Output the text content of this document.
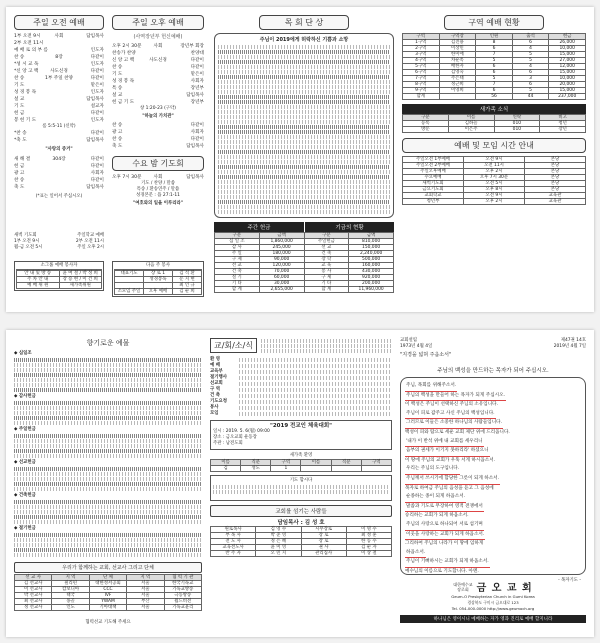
주일 오전 예배
1부 오전 9시	사회	담임목사
2부 오전 11시
예 배 로 의 부 름	인도자
찬 송	8장	다같이
*성 시 교 독	인도자
*신 앙 고 백	사도신경	다같이
찬 송	1부 주일 찬양	다같이
기 도	맡은이
성 경 봉 독	인도자
설 교	담임목사
기 도	설교자
헌 금	다같이
봉 헌 기 도	인도자
롬 5:5-11 (신약)
*찬 송	다같이
*축 도	담임목사
"사랑의 증거"
새 해 결	304장	다같이
헌 금	다같이
광 고	사회자
찬 송	다같이
축 도	담임목사
(*표는 일어서 주십시오)
새벽 기도회	주일학교 예배
1부 오전 9시	2부 오전 11시
월-금 오전 5시	주일 오후 2시
소그룹 예배 봉사자
안 내 및 방 송	윤 여 철 / 박 성 희
주 차 안 내	장 승 현 / 이 건 희
예 배 위 원	새가족위원
주일 오후 예배
(사역장년부 헌신예배)
오후 2시 30분	사회	장년부 회장
찬송가 찬양	찬양대
신 앙 고 백	사도신경	다같이
찬 송	다같이
기 도	맡은이
성 경 봉 독	사회자
특 송	장년부
설 교	담임목사
헌 금 기 도	장년부
창 1:20-23 (구약)
"하늘의 가치관"
찬 송	다같이
광 고	사회자
찬 송	다같이
축 도	담임목사
수요 밤 기도회
오후 7시 30분	사회	담임목사
기도 / 찬양 / 말씀
특송 / 환송연주 / 말씀
성경본문 : 욥 27:1-11
"여호와의 일을 이루리라"
다음 주 봉사
대표기도	장 로 1	김 석 환
	성경봉독	문 지 현
		최 인 규
소모임 주일	오후 예배	김 순 희
목 회 단 상
주님이 2019에게 허락하신 기쁨과 소망
주간 헌금	기금의 현황
구분	금액	구분	금액
십 일 조	1,860,000	주일헌금	810,000
감 사	245,000	선 교	150,000
주 일	180,000	건 축	2,240,000
구 제	90,000	장 학	500,000
선 교	120,000	교 육	160,000
건 축	70,000	봉 사	430,000
절 기	60,000	구 제	920,000
기 타	30,000	기 타	200,000
합 계	2,655,000	합 계	11,960,000
구역 예배 현황
구역	구역장	인원	출석	헌금
1구역	김진용	8	6	26,000
2구역	이상민	6	4	10,000
3구역	한미애	7	5	15,000
4구역	차순옥	5	5	27,000
5구역	배한자	6	4	12,000
6구역	김영숙	6	6	15,000
7구역	주은태	5	3	10,000
8구역	정근희	7	6	20,000
9구역	이영희	6	5	15,000
합계		56	44	237,000
새가족 소식
구분	이름	연락	비고
등록	김하늘	010	청년
방문	이은주	010	장년
예배 및 모임 시간 안내
주일오전 1부예배	오전 9시	본당
주일오전 2부예배	오전 11시	본당
주일오후예배	오후 2시	본당
수요예배	오후 7시 30분	본당
새벽기도회	오전 5시	본당
금요기도회	오후 8시	본당
교회학교	오전 9시	교육관
청년부	오후 2시	교육관
향기로운 예물
◆ 십일조
◆ 감사헌금
◆ 주일헌금
◆ 선교헌금
◆ 건축헌금
◆ 절기헌금
우리가 함께하는 교회, 선교사 그리고 단체
선 교 사	지 역	단 체	지 역	협 력 기 관
김 선교사	필리핀	대한성서공회	서울	한국기독교
이 선교사	캄보디아	CCC	서울	기독교방송
박 선교사	태국	IVF	서울	극동방송
최 선교사	몽골	YWAM	부산	월드비전
정 선교사	인도	기아대책	서울	기독교윤리
협력선교 기도해 주세요
교/회/소/식
환 영
예 배
교육부
절기행사
선교회
구 역
건 축
기도요청
봉사
모임
"2019 전교인 체육대회"
일시 : 2019. 5. 6(월) 09:00
장소 : 금오교회 운동장
주관 : 남전도회
새가족 환영
이름	직분	구역	이름	직분	구역
김	성도	1			
기도 합시다
교회를 섬기는 사람들
담임목사 : 김 성 호
원로목사	김 영 수	시무장로	이 명 수
부 목 사	박 준 영	장 로	최 성 훈
전 도 사	정 은 혜	장 로	한 동 수
교육전도사	윤 미 영	권 사	김 순 자
반 주 자	오 민 지	관리집사	이 상 철
교회설립	제47권 14호
1973년 4월 4일	2019년 4월 7일
"지경을 넓혀 주옵소서"
주님의 백성을 만드하는 목자가 되어 주십시오.
주님, 목회를 위해주소서.
주님의 백성을 만들어 하는 목자가 되게 주십시오.
이 백성은 주님이 선택하신 주님의 소유입니다.
주님이 피로 값주고 사신 주님의 백성입니다.
그러므로 이들은 소중한 하나님의 사람들입니다.
백성이 피와 땀으로 세운 교회 제단 위에 드리옵니다.
'내가 이 반석 위에 내 교회를 세우리니
음부의 권세가 이기지 못하리라' 하셨으니
이 땅에 주님의 교회가 우뚝 서게 하시옵소서.
우리는 주님의 도구입니다.
주님께서 쓰시기에 합당한 그릇이 되게 하소서.
목자로 하여금 주님의 음성을 듣고 그 음성에
순종하는 종이 되게 하옵소서.
말씀과 기도로 무장하여 영적 전쟁에서
승리하는 교회가 되게 하옵소서.
주님의 사랑으로 하나되어 서로 섬기며
이웃을 사랑하는 교회가 되게 하옵소서.
그리하여 주님의 나라가 이 땅에 임하게
하옵소서.
주님이 기뻐하시는 교회가 되게 하옵소서.
예수님의 이름으로 기도합니다. 아멘.
- 목자기도 -
대한예수교
장로회 금 오 교 회
Geum-O Presbyterian Church in Gumi Korea
경상북도 구미시 금오대로 123
Tel. 054-000-0000 http://www.geumoch.org
하나님은 영이시니 예배하는 자가 영과 진리로 예배 할지니라
